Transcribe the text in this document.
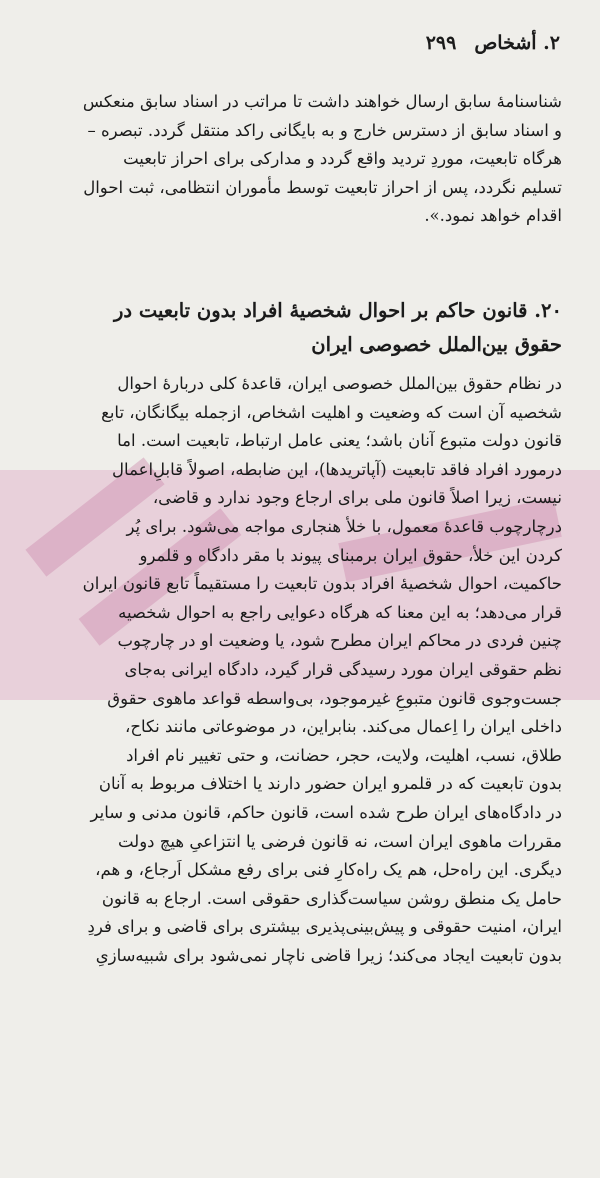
۲. أشخاص
۲۹۹
شناسنامهٔ سابق ارسال خواهند داشت تا مراتب در اسناد سابق منعکس
و اسناد سابق از دسترس خارج و به بایگانی راکد منتقل گردد. تبصره –
هرگاه تابعیت، موردِ تردید واقع گردد و مدارکی برای احراز تابعیت
تسلیم نگردد، پس از احراز تابعیت توسط مأموران انتظامی، ثبت احوال
اقدام خواهد نمود.».
۲۰. قانون حاکم بر احوال شخصیهٔ افراد بدون تابعیت در
حقوق بین‌الملل خصوصی ایران
در نظام حقوق بین‌الملل خصوصی ایران، قاعدهٔ کلی دربارهٔ احوال
شخصیه آن است که وضعیت و اهلیت اشخاص، ازجمله بیگانگان، تابع
قانون دولت متبوع آنان باشد؛ یعنی عامل ارتباط، تابعیت است. اما
درمورد افراد فاقد تابعیت (آپاتریدها)، این ضابطه، اصولاً قابلِ‌اعمال
نیست، زیرا اصلاً قانون ملی برای ارجاع وجود ندارد و قاضی،
درچارچوب قاعدهٔ معمول، با خلأ هنجاری مواجه می‌شود. برای پُر
کردن این خلأ، حقوق ایران برمبنای پیوند با مقر دادگاه و قلمرو
حاکمیت، احوال شخصیهٔ افراد بدون تابعیت را مستقیماً تابع قانون ایران
قرار می‌دهد؛ به این معنا که هرگاه دعوایی راجع به احوال شخصیه
چنین فردی در محاکم ایران مطرح شود، یا وضعیت او در چارچوب
نظم حقوقی ایران مورد رسیدگی قرار گیرد، دادگاه ایرانی به‌جای
جست‌وجوی قانون متبوعِ غیرموجود، بی‌واسطه قواعد ماهوی حقوق
داخلی ایران را اِعمال می‌کند. بنابراین، در موضوعاتی مانند نکاح،
طلاق، نسب، اهلیت، ولایت، حجر، حضانت، و حتی تغییر نام افراد
بدون تابعیت که در قلمرو ایران حضور دارند یا اختلاف مربوط به آنان
در دادگاه‌های ایران طرح شده است، قانون حاکم، قانون مدنی و سایر
مقررات ماهوی ایران است، نه قانون فرضی یا انتزاعیِ هیچ دولت
دیگری. این راه‌حل، هم یک راه‌کارِ فنی برای رفع مشکل اَرجاع، و هم،
حامل یک منطق روشن سیاست‌گذاری حقوقی است. ارجاع به قانون
ایران، امنیت حقوقی و پیش‌بینی‌پذیری بیشتری برای قاضی و برای فردِ
بدون تابعیت ایجاد می‌کند؛ زیرا قاضی ناچار نمی‌شود برای شبیه‌سازیِ
